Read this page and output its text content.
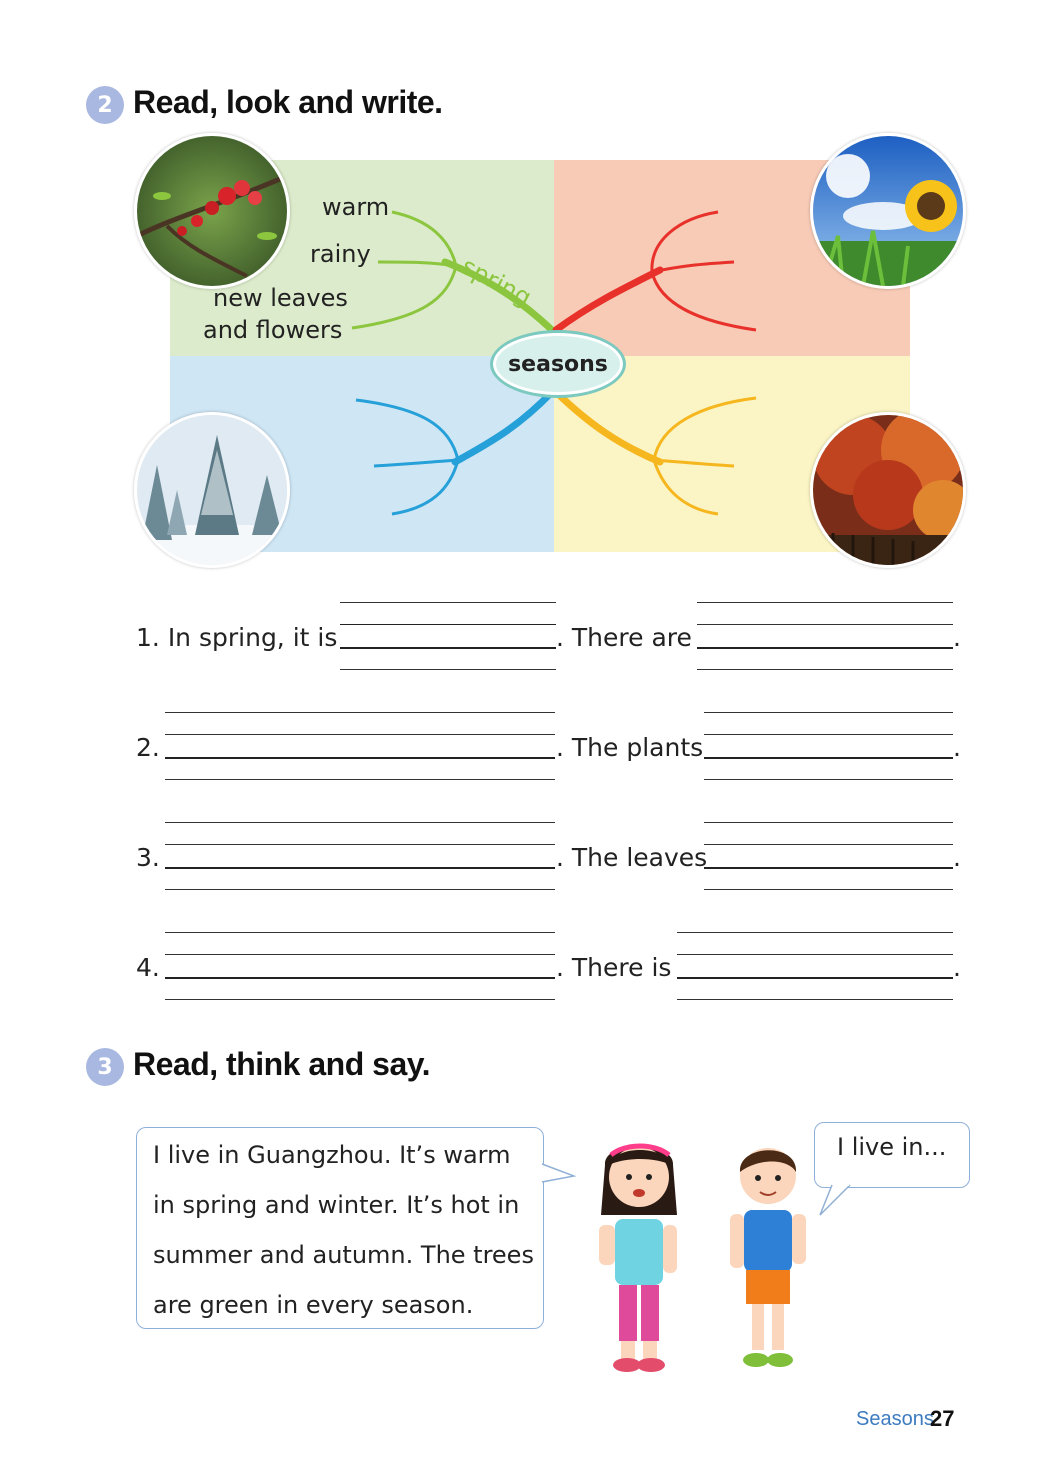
2 Read, look and write.
spring
seasons
warm
rainy
new leaves
and flowers
1. In spring, it is	. There are	.
2.	. The plants	.
3.	. The leaves	.
4.	. There is	.
3 Read, think and say.
I live in Guangzhou. It’s warm
in spring and winter. It’s hot in
summer and autumn. The trees
are green in every season.
I live in...
Seasons
27
